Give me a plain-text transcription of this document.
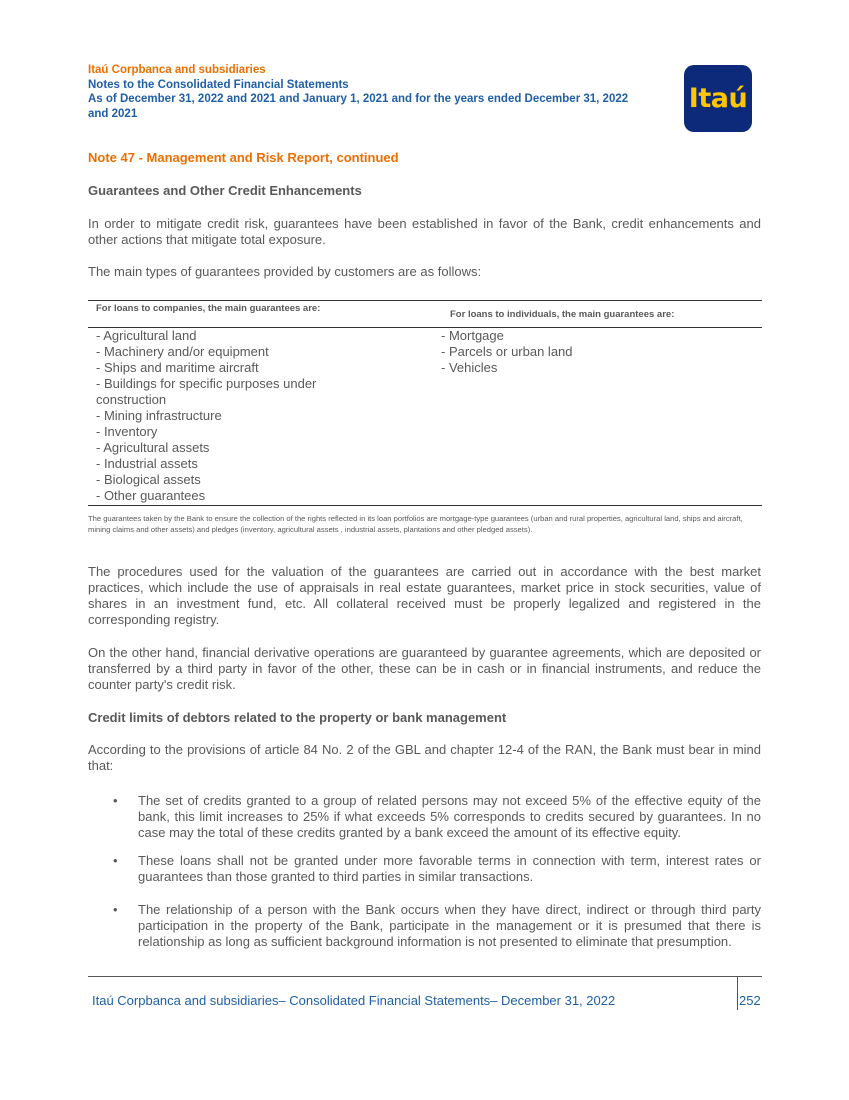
Itaú Corpbanca and subsidiaries
Notes to the Consolidated Financial Statements
As of December 31, 2022 and 2021 and January 1, 2021 and for the years ended December 31, 2022
and 2021	Itaú
Note 47 - Management and Risk Report, continued
Guarantees and Other Credit Enhancements
In order to mitigate credit risk, guarantees have been established in favor of the Bank, credit enhancements and other actions that mitigate total exposure.
The main types of guarantees provided by customers are as follows:
For loans to companies, the main guarantees are:
For loans to individuals, the main guarantees are:
- Agricultural land
- Machinery and/or equipment
- Ships and maritime aircraft
- Buildings for specific purposes under
construction
- Mining infrastructure
- Inventory
- Agricultural assets
- Industrial assets
- Biological assets
- Other guarantees
- Mortgage
- Parcels or urban land
- Vehicles
The guarantees taken by the Bank to ensure the collection of the rights reflected in its loan portfolios are mortgage-type guarantees (urban and rural properties, agricultural land, ships and aircraft, mining claims and other assets) and pledges (inventory, agricultural assets , industrial assets, plantations and other pledged assets).
The procedures used for the valuation of the guarantees are carried out in accordance with the best market practices, which include the use of appraisals in real estate guarantees, market price in stock securities, value of shares in an investment fund, etc. All collateral received must be properly legalized and registered in the corresponding registry.
On the other hand, financial derivative operations are guaranteed by guarantee agreements, which are deposited or transferred by a third party in favor of the other, these can be in cash or in financial instruments, and reduce the counter party's credit risk.
Credit limits of debtors related to the property or bank management
According to the provisions of article 84 No. 2 of the GBL and chapter 12-4 of the RAN, the Bank must bear in mind that:
• The set of credits granted to a group of related persons may not exceed 5% of the effective equity of the bank, this limit increases to 25% if what exceeds 5% corresponds to credits secured by guarantees. In no case may the total of these credits granted by a bank exceed the amount of its effective equity.
• These loans shall not be granted under more favorable terms in connection with term, interest rates or guarantees than those granted to third parties in similar transactions.
• The relationship of a person with the Bank occurs when they have direct, indirect or through third party participation in the property of the Bank, participate in the management or it is presumed that there is relationship as long as sufficient background information is not presented to eliminate that presumption.
Itaú Corpbanca and subsidiaries– Consolidated Financial Statements– December 31, 2022	252
